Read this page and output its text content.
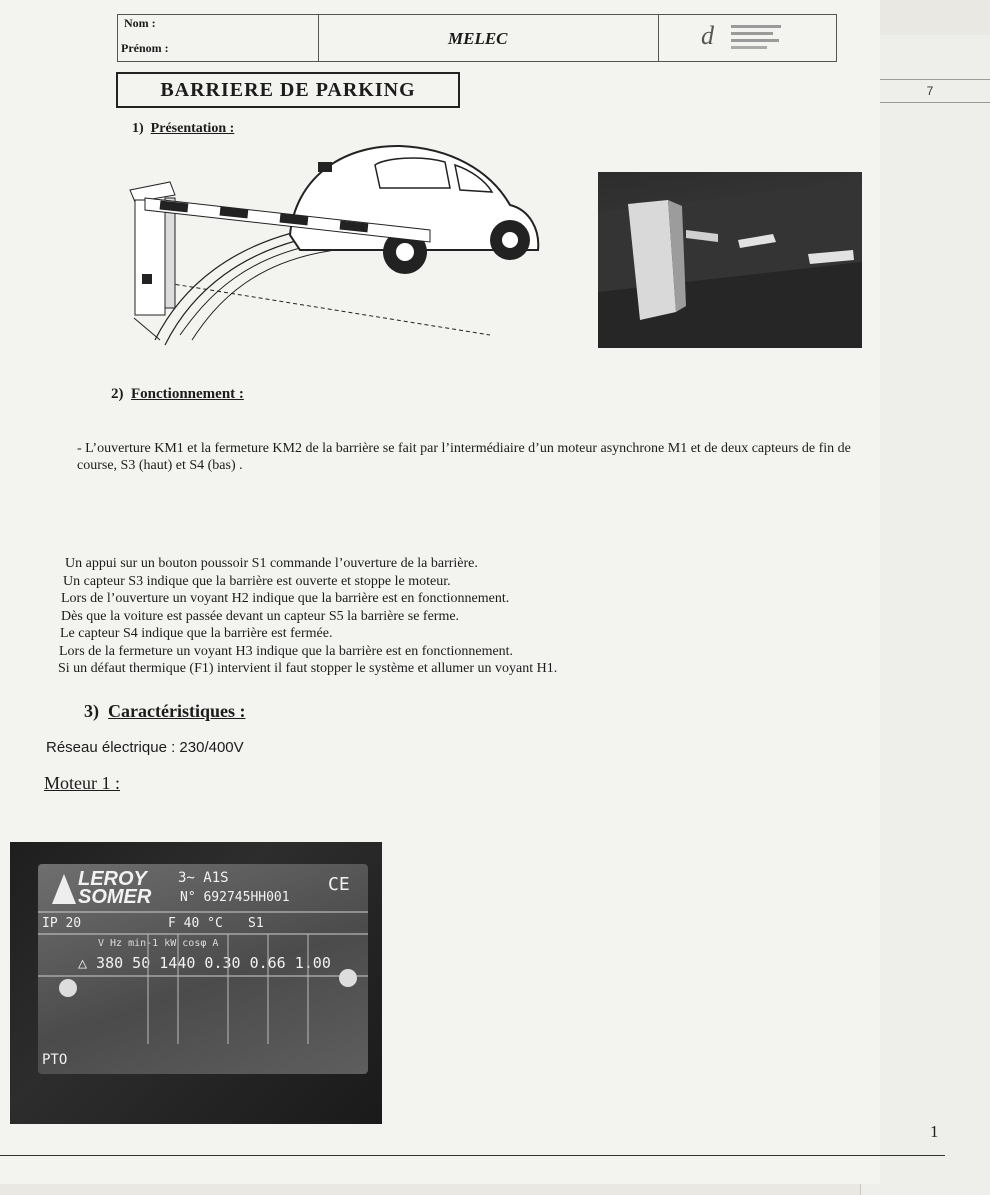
7
Nom :
Prénom :	MELEC	d
BARRIERE DE PARKING
1) Présentation :
2) Fonctionnement :
- L’ouverture KM1 et la fermeture KM2 de la barrière se fait par l’intermédiaire d’un moteur asynchrone M1 et de deux capteurs de fin de course, S3 (haut) et S4 (bas) .

Un appui sur un bouton poussoir S1 commande l’ouverture de la barrière.

Un capteur S3 indique que la barrière est ouverte et stoppe le moteur.

Lors de l’ouverture un voyant H2 indique que la barrière est en fonctionnement.

Dès que la voiture est passée devant un capteur S5 la barrière se ferme.

Le capteur S4 indique que la barrière est fermée.

Lors de la fermeture un voyant H3 indique que la barrière est en fonctionnement.

Si un défaut thermique (F1) intervient il faut stopper le système et allumer un voyant H1.

3) Caractéristiques :
Réseau électrique : 230/400V
Moteur 1 :
LEROY
SOMER
3~ A1S
N° 692745HH001
CE
IP 20	F 40 °C S1
V Hz min-1 kW cosφ A
△ 380 50 1440 0.30 0.66 1.00
PTO
1
